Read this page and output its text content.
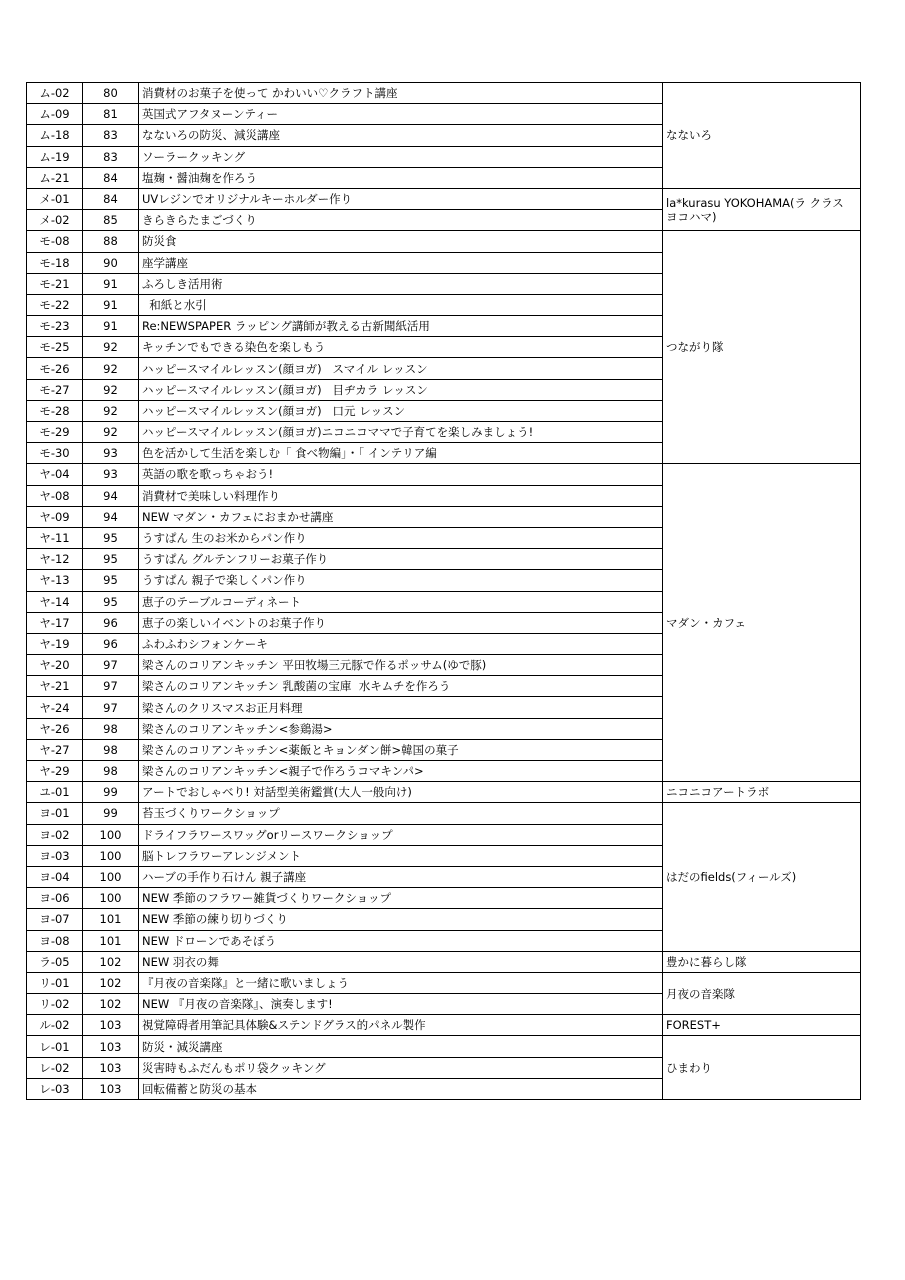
ム-02	80	消費材のお菓子を使って かわいい♡クラフト講座	なないろ
ム-09	81	英国式アフタヌーンティー	
ム-18	83	なないろの防災、減災講座	
ム-19	83	ソーラークッキング	
ム-21	84	塩麹・醤油麹を作ろう	
メ-01	84	UVレジンでオリジナルキーホルダー作り	la*kurasu YOKOHAMA(ラ クラス ヨコハマ)
メ-02	85	きらきらたまごづくり	
モ-08	88	防災食	つながり隊
モ-18	90	座学講座	
モ-21	91	ふろしき活用術	
モ-22	91	和紙と水引	
モ-23	91	Re:NEWSPAPER ラッピング講師が教える古新聞紙活用	
モ-25	92	キッチンでもできる染色を楽しもう	
モ-26	92	ハッピースマイルレッスン(顔ヨガ)   スマイル レッスン	
モ-27	92	ハッピースマイルレッスン(顔ヨガ)   目ヂカラ レッスン	
モ-28	92	ハッピースマイルレッスン(顔ヨガ)   口元 レッスン	
モ-29	92	ハッピースマイルレッスン(顔ヨガ)ニコニコママで子育てを楽しみましょう!	
モ-30	93	色を活かして生活を楽しむ「 食べ物編」・「 インテリア編	
ヤ-04	93	英語の歌を歌っちゃおう!	マダン・カフェ
ヤ-08	94	消費材で美味しい料理作り	
ヤ-09	94	NEW マダン・カフェにおまかせ講座	
ヤ-11	95	うすぱん 生のお米からパン作り	
ヤ-12	95	うすぱん グルテンフリーお菓子作り	
ヤ-13	95	うすぱん 親子で楽しくパン作り	
ヤ-14	95	恵子のテーブルコーディネート	
ヤ-17	96	恵子の楽しいイベントのお菓子作り	
ヤ-19	96	ふわふわシフォンケーキ	
ヤ-20	97	梁さんのコリアンキッチン 平田牧場三元豚で作るポッサム(ゆで豚)	
ヤ-21	97	梁さんのコリアンキッチン 乳酸菌の宝庫  水キムチを作ろう	
ヤ-24	97	梁さんのクリスマスお正月料理	
ヤ-26	98	梁さんのコリアンキッチン<参鶏湯>	
ヤ-27	98	梁さんのコリアンキッチン<薬飯とキョンダン餅>韓国の菓子	
ヤ-29	98	梁さんのコリアンキッチン<親子で作ろうコマキンパ>	
ユ-01	99	アートでおしゃべり! 対話型美術鑑賞(大人一般向け)	ニコニコアートラボ
ヨ-01	99	苔玉づくりワークショップ	はだのfields(フィールズ)
ヨ-02	100	ドライフラワースワッグorリースワークショップ	
ヨ-03	100	脳トレフラワーアレンジメント	
ヨ-04	100	ハーブの手作り石けん 親子講座	
ヨ-06	100	NEW 季節のフラワー雑貨づくりワークショップ	
ヨ-07	101	NEW 季節の練り切りづくり	
ヨ-08	101	NEW ドローンであそぼう	
ラ-05	102	NEW 羽衣の舞	豊かに暮らし隊
リ-01	102	『月夜の音楽隊』と一緒に歌いましょう	月夜の音楽隊
リ-02	102	NEW 『月夜の音楽隊』、演奏します!	
ル-02	103	視覚障碍者用筆記具体験&ステンドグラス的パネル製作	FOREST+
レ-01	103	防災・減災講座	ひまわり
レ-02	103	災害時もふだんもポリ袋クッキング	
レ-03	103	回転備蓄と防災の基本	
